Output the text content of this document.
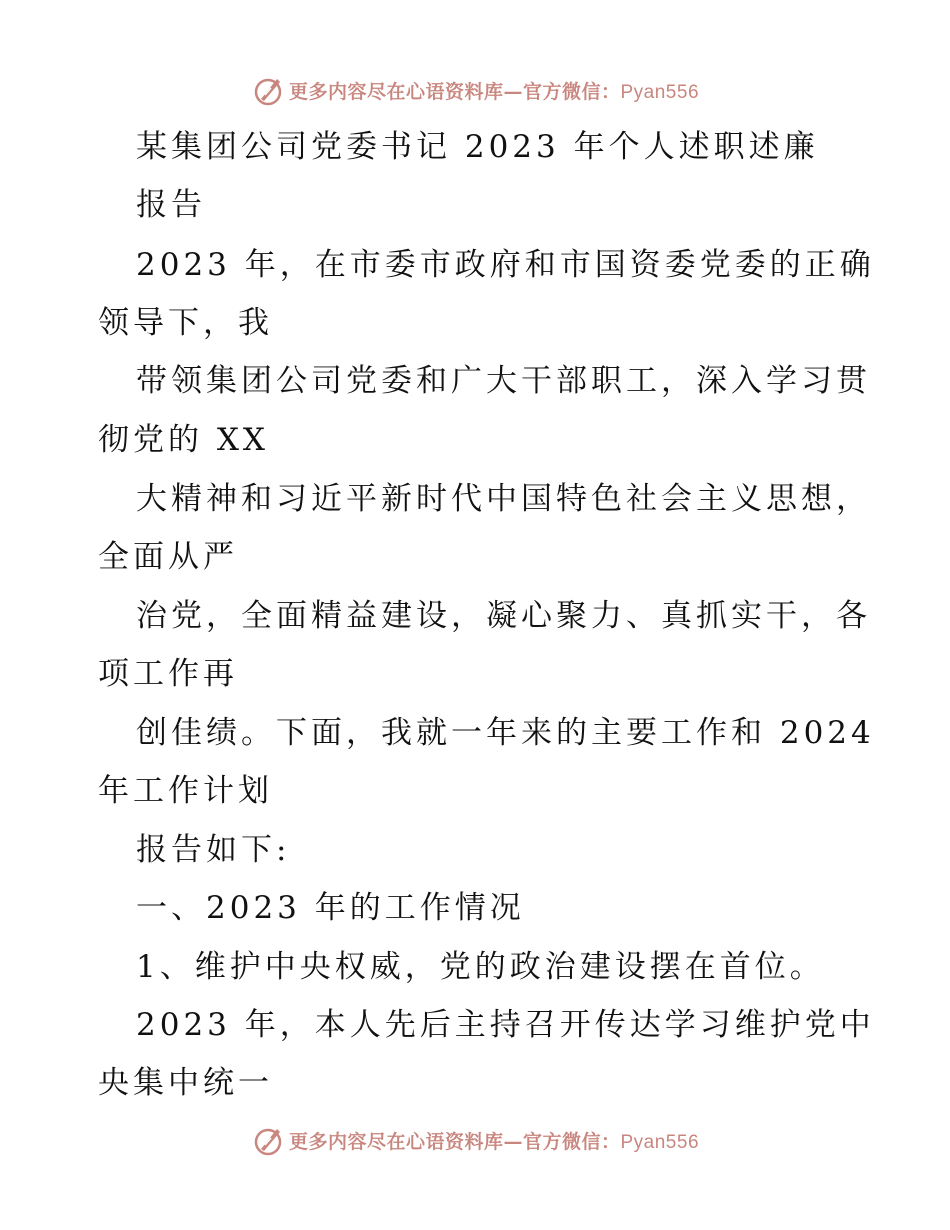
更多内容尽在心语资料库—官方微信：Pyan556
某集团公司党委书记 2023 年个人述职述廉
报告
2023 年，在市委市政府和市国资委党委的正确
领导下，我
带领集团公司党委和广大干部职工，深入学习贯
彻党的 XX
大精神和习近平新时代中国特色社会主义思想，
全面从严
治党，全面精益建设，凝心聚力、真抓实干，各
项工作再
创佳绩。下面，我就一年来的主要工作和 2024
年工作计划
报告如下:
一、2023 年的工作情况
1、维护中央权威，党的政治建设摆在首位。
2023 年，本人先后主持召开传达学习维护党中
央集中统一
更多内容尽在心语资料库—官方微信：Pyan556
